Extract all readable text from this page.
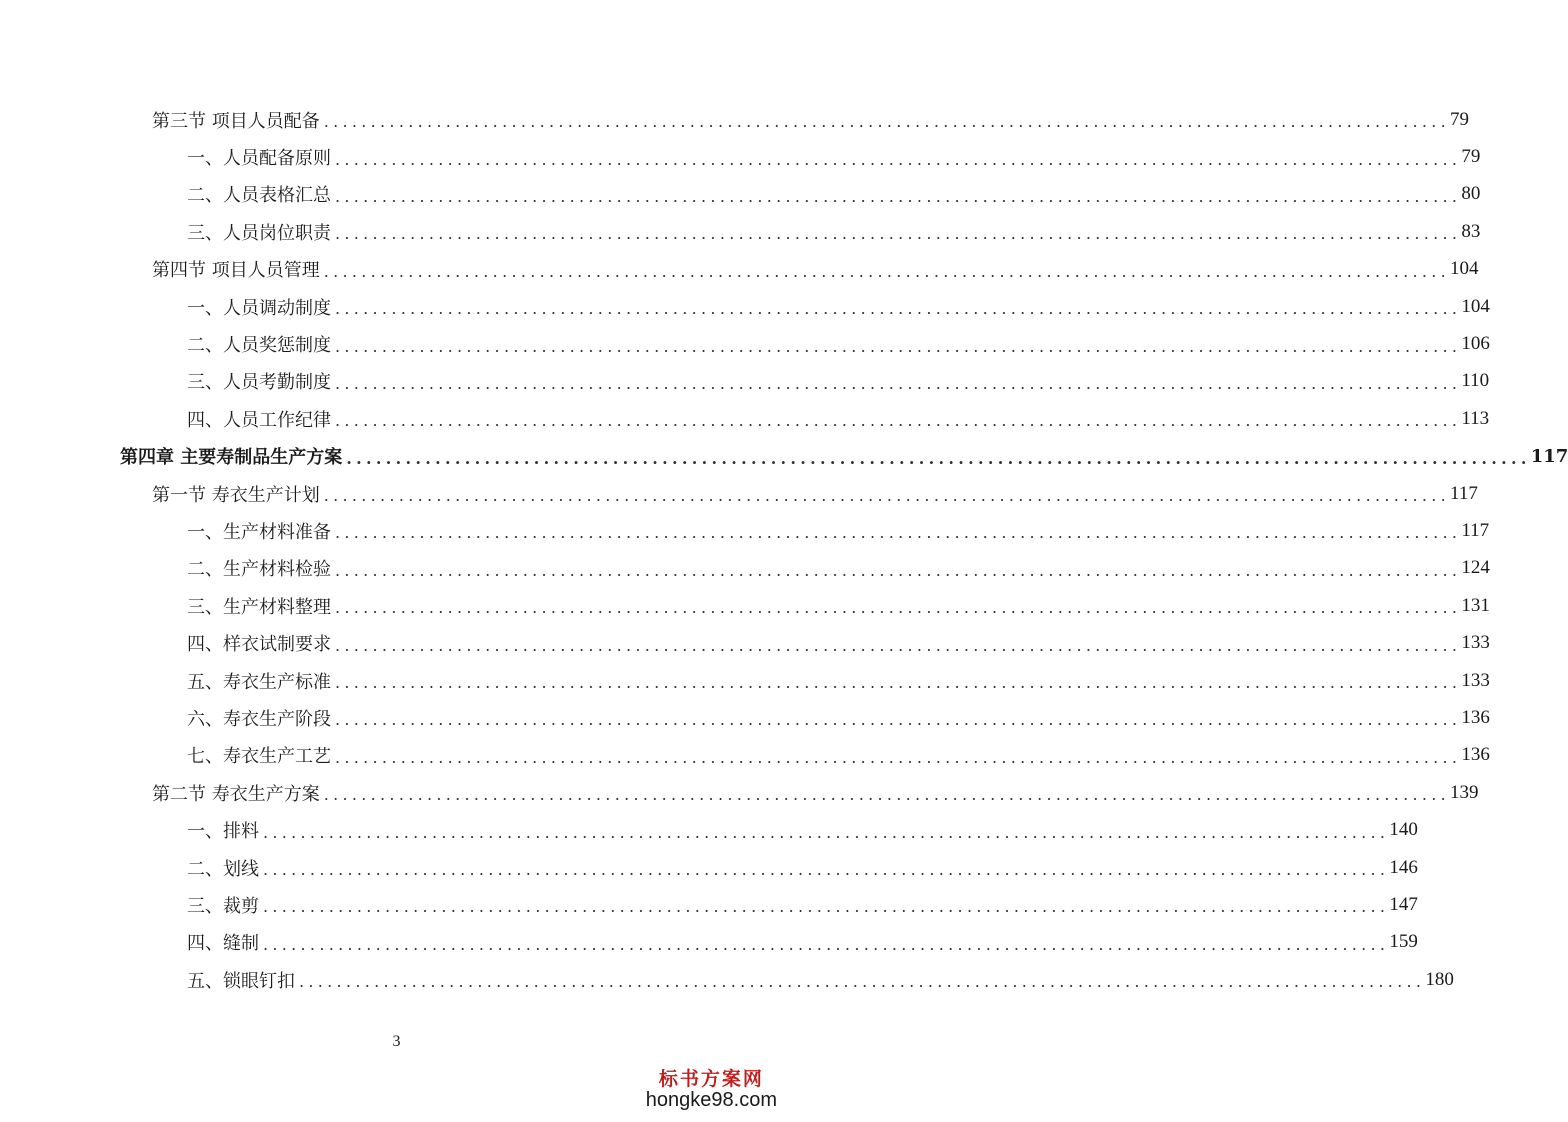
第三节 项目人员配备 ........................................................................................................................ 79
一、人员配备原则 ........................................................................................................................ 79
二、人员表格汇总 ........................................................................................................................ 80
三、人员岗位职责 ........................................................................................................................ 83
第四节 项目人员管理 ........................................................................................................................ 104
一、人员调动制度 ........................................................................................................................ 104
二、人员奖惩制度 ........................................................................................................................ 106
三、人员考勤制度 ........................................................................................................................ 110
四、人员工作纪律 ........................................................................................................................ 113
第四章 主要寿制品生产方案 ........................................................................................................................ 117
第一节 寿衣生产计划 ........................................................................................................................ 117
一、生产材料准备 ........................................................................................................................ 117
二、生产材料检验 ........................................................................................................................ 124
三、生产材料整理 ........................................................................................................................ 131
四、样衣试制要求 ........................................................................................................................ 133
五、寿衣生产标准 ........................................................................................................................ 133
六、寿衣生产阶段 ........................................................................................................................ 136
七、寿衣生产工艺 ........................................................................................................................ 136
第二节 寿衣生产方案 ........................................................................................................................ 139
一、排料 ........................................................................................................................ 140
二、划线 ........................................................................................................................ 146
三、裁剪 ........................................................................................................................ 147
四、缝制 ........................................................................................................................ 159
五、锁眼钉扣 ........................................................................................................................ 180
3
标书方案网
hongke98.com
